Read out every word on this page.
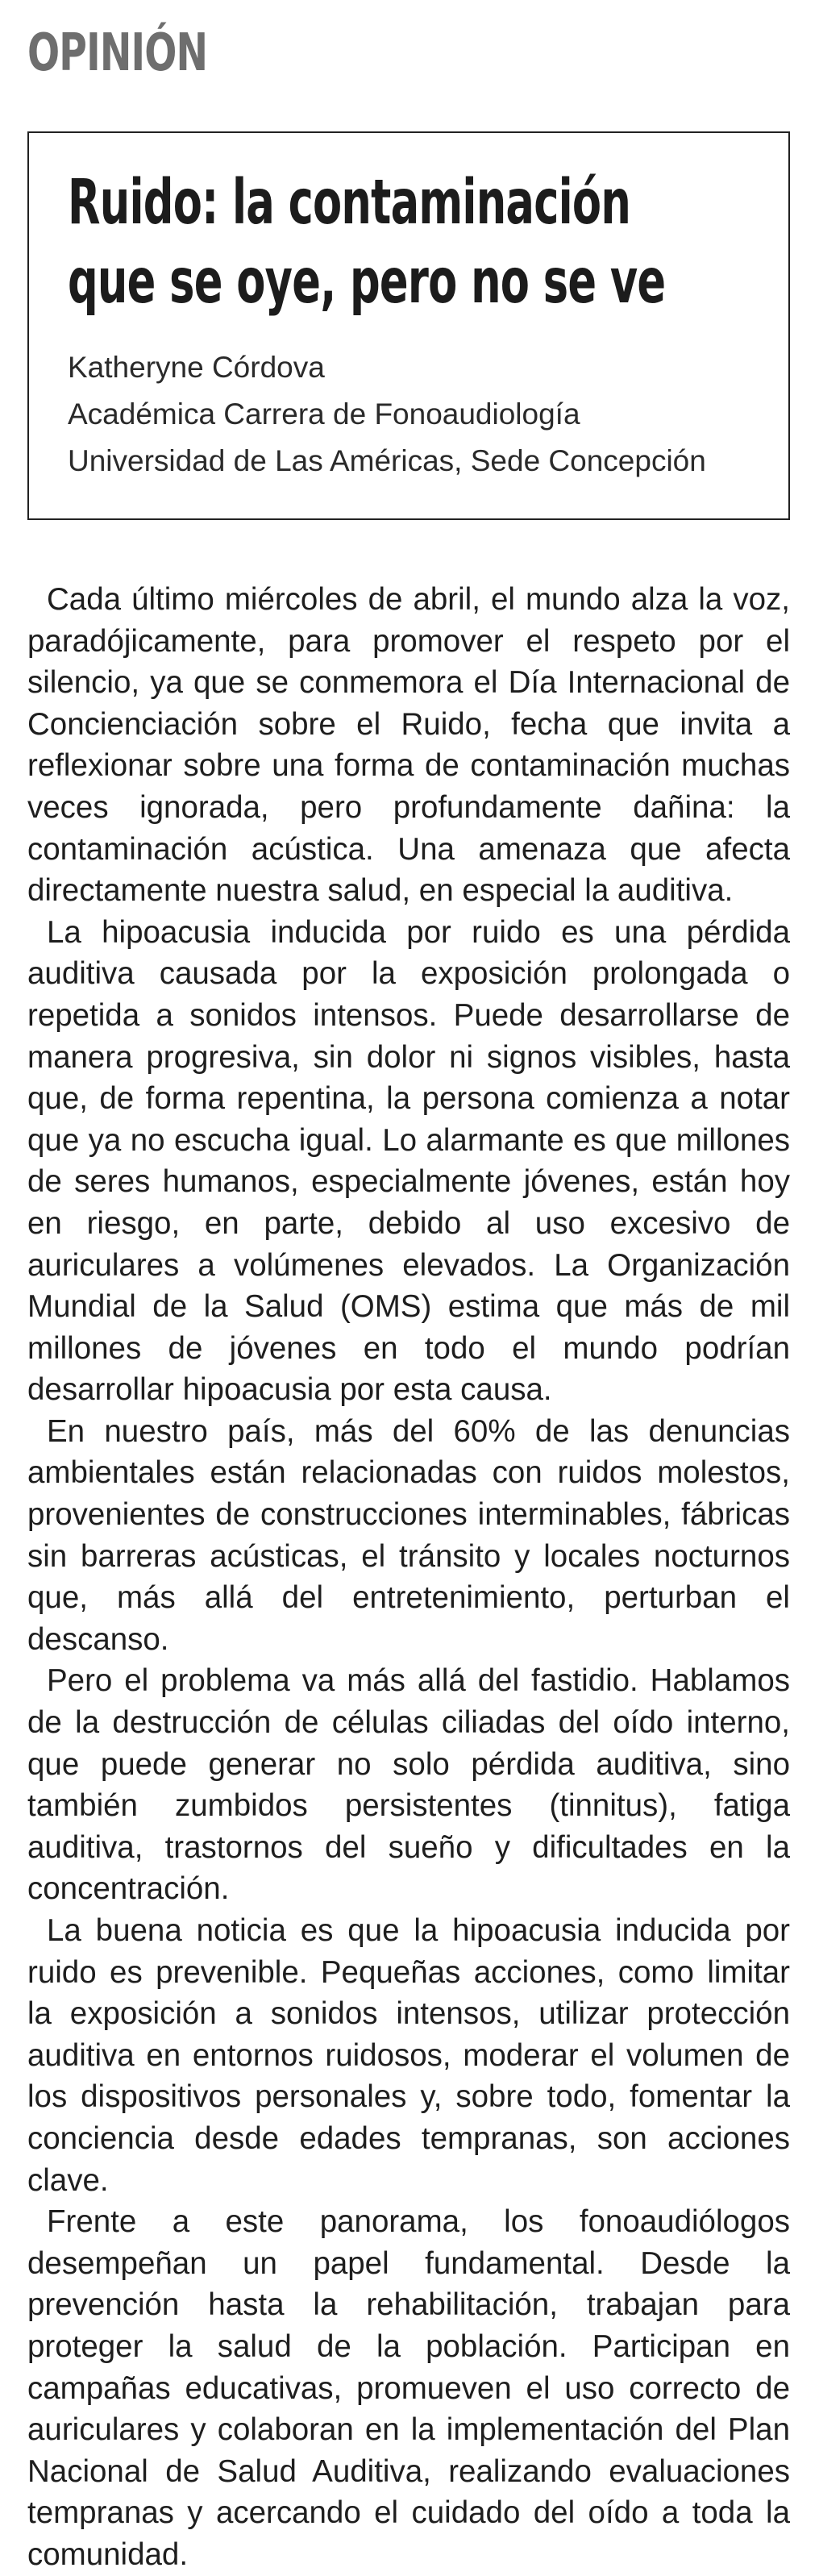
OPINIÓN
Ruido: la contaminación
que se oye, pero no se ve
Katheryne Córdova
Académica Carrera de Fonoaudiología
Universidad de Las Américas, Sede Concepción

Cada último miércoles de abril, el mundo alza la voz, paradójicamente, para promover el respeto por el silencio, ya que se conmemora el Día Internacional de Concienciación sobre el Ruido, fecha que invita a reflexionar sobre una forma de contaminación muchas veces ignorada, pero profundamente dañina: la contaminación acústica. Una amenaza que afecta directamente nuestra salud, en especial la auditiva.

La hipoacusia inducida por ruido es una pérdida auditiva causada por la exposición prolongada o repetida a sonidos intensos. Puede desarrollarse de manera progresiva, sin dolor ni signos visibles, hasta que, de forma repentina, la persona comienza a notar que ya no escucha igual. Lo alarmante es que millones de seres humanos, especialmente jóvenes, están hoy en riesgo, en parte, debido al uso excesivo de auriculares a volúmenes elevados. La Organización Mundial de la Salud (OMS) estima que más de mil millones de jóvenes en todo el mundo podrían desarrollar hipoacusia por esta causa.

En nuestro país, más del 60% de las denuncias ambientales están relacionadas con ruidos molestos, provenientes de construcciones interminables, fábricas sin barreras acústicas, el tránsito y locales nocturnos que, más allá del entretenimiento, perturban el descanso.

Pero el problema va más allá del fastidio. Hablamos de la destrucción de células ciliadas del oído interno, que puede generar no solo pérdida auditiva, sino también zumbidos persistentes (tinnitus), fatiga auditiva, trastornos del sueño y dificultades en la concentración.

La buena noticia es que la hipoacusia inducida por ruido es prevenible. Pequeñas acciones, como limitar la exposición a sonidos intensos, utilizar protección auditiva en entornos ruidosos, moderar el volumen de los dispositivos personales y, sobre todo, fomentar la conciencia desde edades tempranas, son acciones clave.

Frente a este panorama, los fonoaudiólogos desempeñan un papel fundamental. Desde la prevención hasta la rehabilitación, trabajan para proteger la salud de la población. Participan en campañas educativas, promueven el uso correcto de auriculares y colaboran en la implementación del Plan Nacional de Salud Auditiva, realizando evaluaciones tempranas y acercando el cuidado del oído a toda la comunidad.
